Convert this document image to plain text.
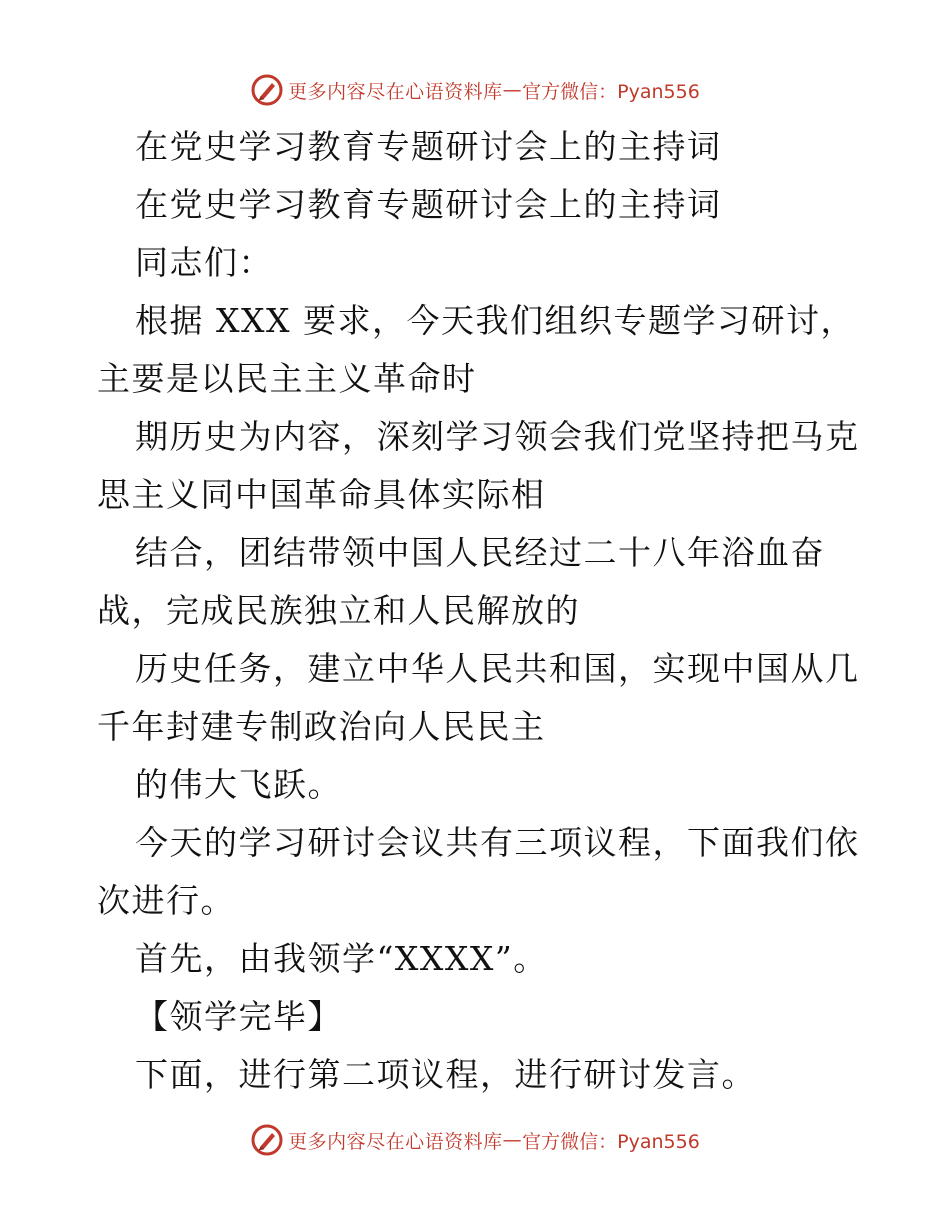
更多内容尽在心语资料库 — 官方微信：Pyan556

在党史学习教育专题研讨会上的主持词

在党史学习教育专题研讨会上的主持词

同志们：

根据 XXX 要求，今天我们组织专题学习研讨，

主要是以民主主义革命时

期历史为内容，深刻学习领会我们党坚持把马克

思主义同中国革命具体实际相

结合，团结带领中国人民经过二十八年浴血奋

战，完成民族独立和人民解放的

历史任务，建立中华人民共和国，实现中国从几

千年封建专制政治向人民民主

的伟大飞跃。

今天的学习研讨会议共有三项议程，下面我们依

次进行。

首先，由我领学“XXXX”。

【领学完毕】

下面，进行第二项议程，进行研讨发言。

更多内容尽在心语资料库 — 官方微信：Pyan556
